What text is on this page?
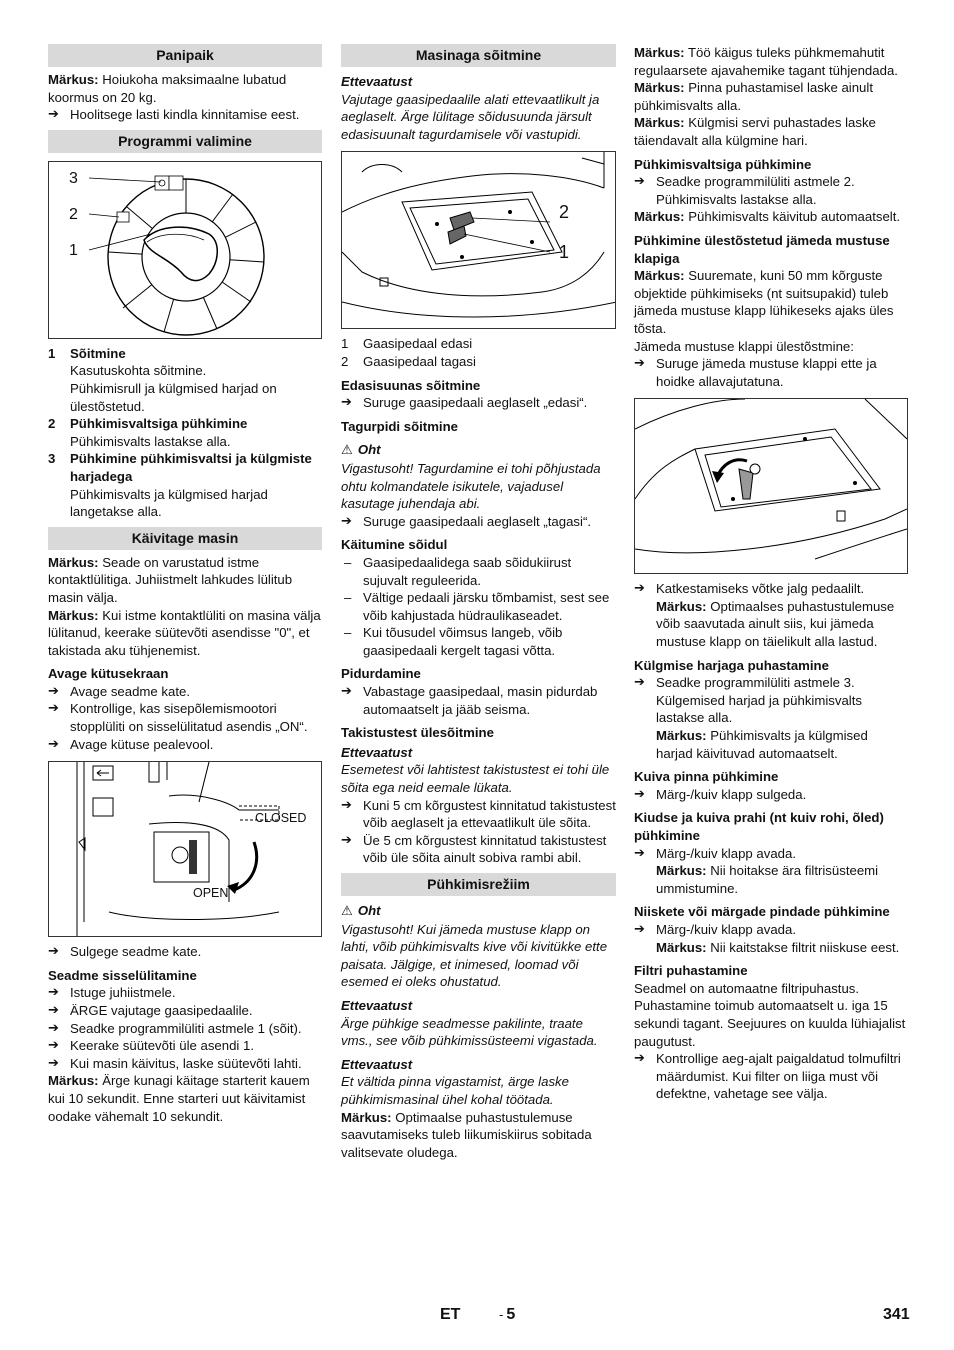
Panipaik

Märkus: Hoiukoha maksimaalne lubatud koormus on 20 kg.

➔ Hoolitsege lasti kindla kinnitamise eest.

Programmi valimine
3
2
1

1 Sõitmine

Kasutuskohta sõitmine.

Pühkimisrull ja külgmised harjad on ülestõstetud.

2 Pühkimisvaltsiga pühkimine

Pühkimisvalts lastakse alla.

3 Pühkimine pühkimisvaltsi ja külgmiste harjadega

Pühkimisvalts ja külgmised harjad langetakse alla.

Käivitage masin

Märkus: Seade on varustatud istme kontaktlülitiga. Juhiistmelt lahkudes lülitub masin välja.

Märkus: Kui istme kontaktlüliti on masina välja lülitanud, keerake süütevõti asendisse "0", et takistada aku tühjenemist.

Avage kütusekraan

➔ Avage seadme kate.

➔ Kontrollige, kas sisepõlemismootori stopplüliti on sisselülitatud asendis „ON“.

➔ Avage kütuse pealevool.

CLOSED
OPEN

➔ Sulgege seadme kate.

Seadme sisselülitamine

➔ Istuge juhiistmele.

➔ ÄRGE vajutage gaasipedaalile.

➔ Seadke programmilüliti astmele 1 (sõit).

➔ Keerake süütevõti üle asendi 1.

➔ Kui masin käivitus, laske süütevõti lahti.

Märkus: Ärge kunagi käitage starterit kauem kui 10 sekundit. Enne starteri uut käivitamist oodake vähemalt 10 sekundit.

Masinaga sõitmine

Ettevaatust

Vajutage gaasipedaalile alati ettevaatlikult ja aeglaselt. Ärge lülitage sõidusuunda järsult edasisuunalt tagurdamisele või vastupidi.

2
1

1 Gaasipedaal edasi

2 Gaasipedaal tagasi

Edasisuunas sõitmine

➔ Suruge gaasipedaali aeglaselt „edasi“.

Tagurpidi sõitmine

⚠ Oht

Vigastusoht! Tagurdamine ei tohi põhjustada ohtu kolmandatele isikutele, vajadusel kasutage juhendaja abi.

➔ Suruge gaasipedaali aeglaselt „tagasi“.

Käitumine sõidul

– Gaasipedaalidega saab sõidukiirust sujuvalt reguleerida.

– Vältige pedaali järsku tõmbamist, sest see võib kahjustada hüdraulikaseadet.

– Kui tõusudel võimsus langeb, võib gaasipedaali kergelt tagasi võtta.

Pidurdamine

➔ Vabastage gaasipedaal, masin pidurdab automaatselt ja jääb seisma.

Takistustest ülesõitmine

Ettevaatust

Esemetest või lahtistest takistustest ei tohi üle sõita ega neid eemale lükata.

➔ Kuni 5 cm kõrgustest kinnitatud takistustest võib aeglaselt ja ettevaatlikult üle sõita.

➔ Üe 5 cm kõrgustest kinnitatud takistustest võib üle sõita ainult sobiva rambi abil.

Pühkimisrežiim

⚠ Oht

Vigastusoht! Kui jämeda mustuse klapp on lahti, võib pühkimisvalts kive või kivitükke ette paisata. Jälgige, et inimesed, loomad või esemed ei oleks ohustatud.

Ettevaatust

Ärge pühkige seadmesse pakilinte, traate vms., see võib pühkimissüsteemi vigastada.

Ettevaatust

Et vältida pinna vigastamist, ärge laske pühkimismasinal ühel kohal töötada.

Märkus: Optimaalse puhastustulemuse saavutamiseks tuleb liikumiskiirus sobitada valitsevate oludega.

Märkus: Töö käigus tuleks pühkmemahutit regulaarsete ajavahemike tagant tühjendada.

Märkus: Pinna puhastamisel laske ainult pühkimisvalts alla.

Märkus: Külgmisi servi puhastades laske täiendavalt alla külgmine hari.

Pühkimisvaltsiga pühkimine

➔ Seadke programmilüliti astmele 2. Pühkimisvalts lastakse alla.

Märkus: Pühkimisvalts käivitub automaatselt.

Pühkimine ülestõstetud jämeda mustuse klapiga

Märkus: Suuremate, kuni 50 mm kõrguste objektide pühkimiseks (nt suitsupakid) tuleb jämeda mustuse klapp lühikeseks ajaks üles tõsta.

Jämeda mustuse klappi ülestõstmine:

➔ Suruge jämeda mustuse klappi ette ja hoidke allavajutatuna.

➔ Katkestamiseks võtke jalg pedaalilt.

Märkus: Optimaalses puhastustulemuse võib saavutada ainult siis, kui jämeda mustuse klapp on täielikult alla lastud.

Külgmise harjaga puhastamine

➔ Seadke programmilüliti astmele 3. Külgemised harjad ja pühkimisvalts lastakse alla.

Märkus: Pühkimisvalts ja külgmised harjad käivituvad automaatselt.

Kuiva pinna pühkimine

➔ Märg-/kuiv klapp sulgeda.

Kiudse ja kuiva prahi (nt kuiv rohi, õled) pühkimine

➔ Märg-/kuiv klapp avada.

Märkus: Nii hoitakse ära filtrisüsteemi ummistumine.

Niiskete või märgade pindade pühkimine

➔ Märg-/kuiv klapp avada.

Märkus: Nii kaitstakse filtrit niiskuse eest.

Filtri puhastamine

Seadmel on automaatne filtripuhastus. Puhastamine toimub automaatselt u. iga 15 sekundi tagant. Seejuures on kuulda lühiajalist paugutust.

➔ Kontrollige aeg-ajalt paigaldatud tolmufiltri määrdumist. Kui filter on liiga must või defektne, vahetage see välja.

ET	- 5	341
